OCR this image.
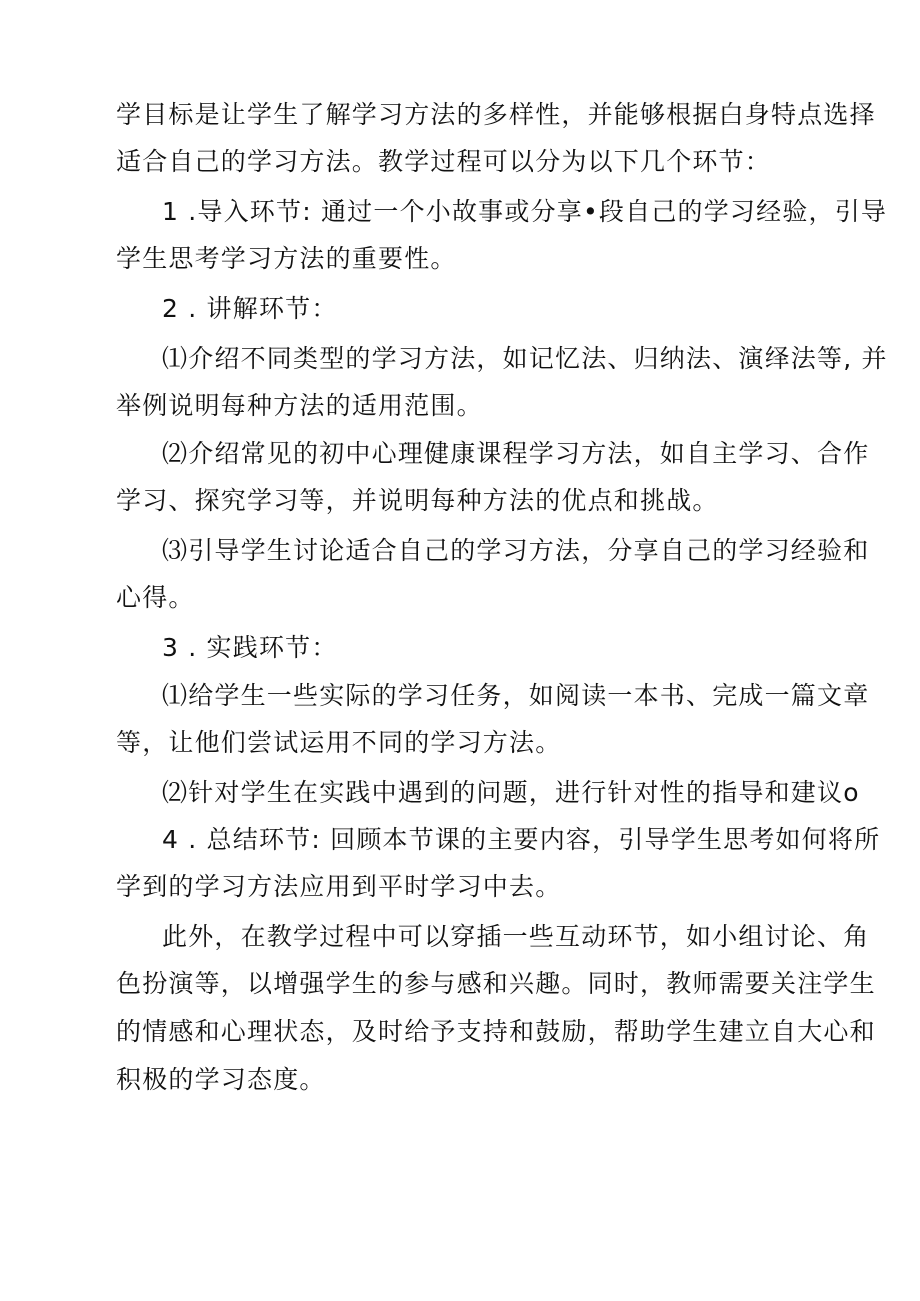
学目标是让学生了解学习方法的多样性，并能够根据白身特点选择
适合自己的学习方法。教学过程可以分为以下几个环节：
1 .导入环节: 通过一个小故事或分享•段自己的学习经验，引导
学生思考学习方法的重要性。
2 . 讲解环节：
⑴介绍不同类型的学习方法，如记忆法、归纳法、演绎法等, 并
举例说明每种方法的适用范围。
⑵介绍常见的初中心理健康课程学习方法，如自主学习、合作
学习、探究学习等，并说明每种方法的优点和挑战。
⑶引导学生讨论适合自己的学习方法，分享自己的学习经验和
心得。
3 . 实践环节：
⑴给学生一些实际的学习任务，如阅读一本书、完成一篇文章
等，让他们尝试运用不同的学习方法。
⑵针对学生在实践中遇到的问题，进行针对性的指导和建议o
4 . 总结环节: 回顾本节课的主要内容，引导学生思考如何将所
学到的学习方法应用到平时学习中去。
此外，在教学过程中可以穿插一些互动环节，如小组讨论、角
色扮演等，以增强学生的参与感和兴趣。同时，教师需要关注学生
的情感和心理状态，及时给予支持和鼓励，帮助学生建立自大心和
积极的学习态度。
